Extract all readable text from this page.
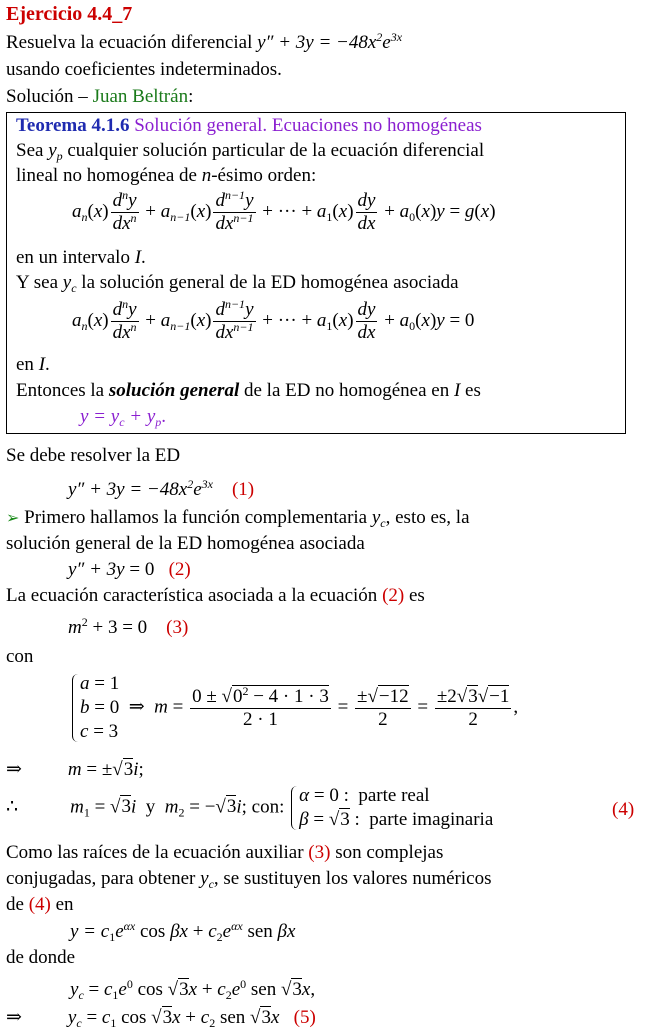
Ejercicio 4.4_7
Resuelva la ecuación diferencial $y'' + 3y = -48x^2e^{3x}$
usando coeficientes indeterminados.
Solución – Juan Beltrán:
Teorema 4.1.6 Solución general. Ecuaciones no homogéneas
Sea $y_p$ cualquier solución particular de la ecuación diferencial
lineal no homogénea de n-ésimo orden:
$a_n(x) \frac{d^ny}{dx^n} + a_{n-1}(x) \frac{d^{n-1}y}{dx^{n-1}}$ + ··· + $a_1(x) \frac{dy}{dx} + a_0(x)y = g(x)$
en un intervalo I.
Y sea $y_c$ la solución general de la ED homogénea asociada
$a_n(x) \frac{d^ny}{dx^n} + a_{n-1}(x) \frac{d^{n-1}y}{dx^{n-1}}$ + ··· + $a_1(x) \frac{dy}{dx} + a_0(x)y = 0$
en I.
Entonces la solución general de la ED no homogénea en I es
$y = y_c + y_p$.
Se debe resolver la ED
$y'' + 3y = -48x^2e^{3x}$ (1)
➢ Primero hallamos la función complementaria $y_c$, esto es, la
solución general de la ED homogénea asociada
y″ + 3y = 0   (2)
La ecuación característica asociada a la ecuación (2) es
$m^2 + 3 = 0$    (3)
con
a = 1
b = 0
c = 3
⇒  $m = \frac{0 \pm √0^2 - 4 \cdot 1 \cdot 3}{2 \cdot 1} = \frac{\pm√-12}{2} = \frac{\pm 2√3√-1}{2}$ ,
⇒ m = ±√3i;
∴	$m_1 = √3i$  y  $m_2 = -√3i$; con:
α = 0 :  parte real
β = √3 :  parte imaginaria	(4)
Como las raíces de la ecuación auxiliar (3) son complejas
conjugadas, para obtener $y_c$, se sustituyen los valores numéricos
de (4) en
$y = c_1e^{\alpha x}$ $\cos \beta x + c_2e^{\alpha x}$ sen βx
de donde
$y_c = c_1e^0$ $\cos √3x + c_2e^0$ sen √3x,
⇒ $y_c = c_1$ $\cos √3x + c_2$ sen √3x (5)
